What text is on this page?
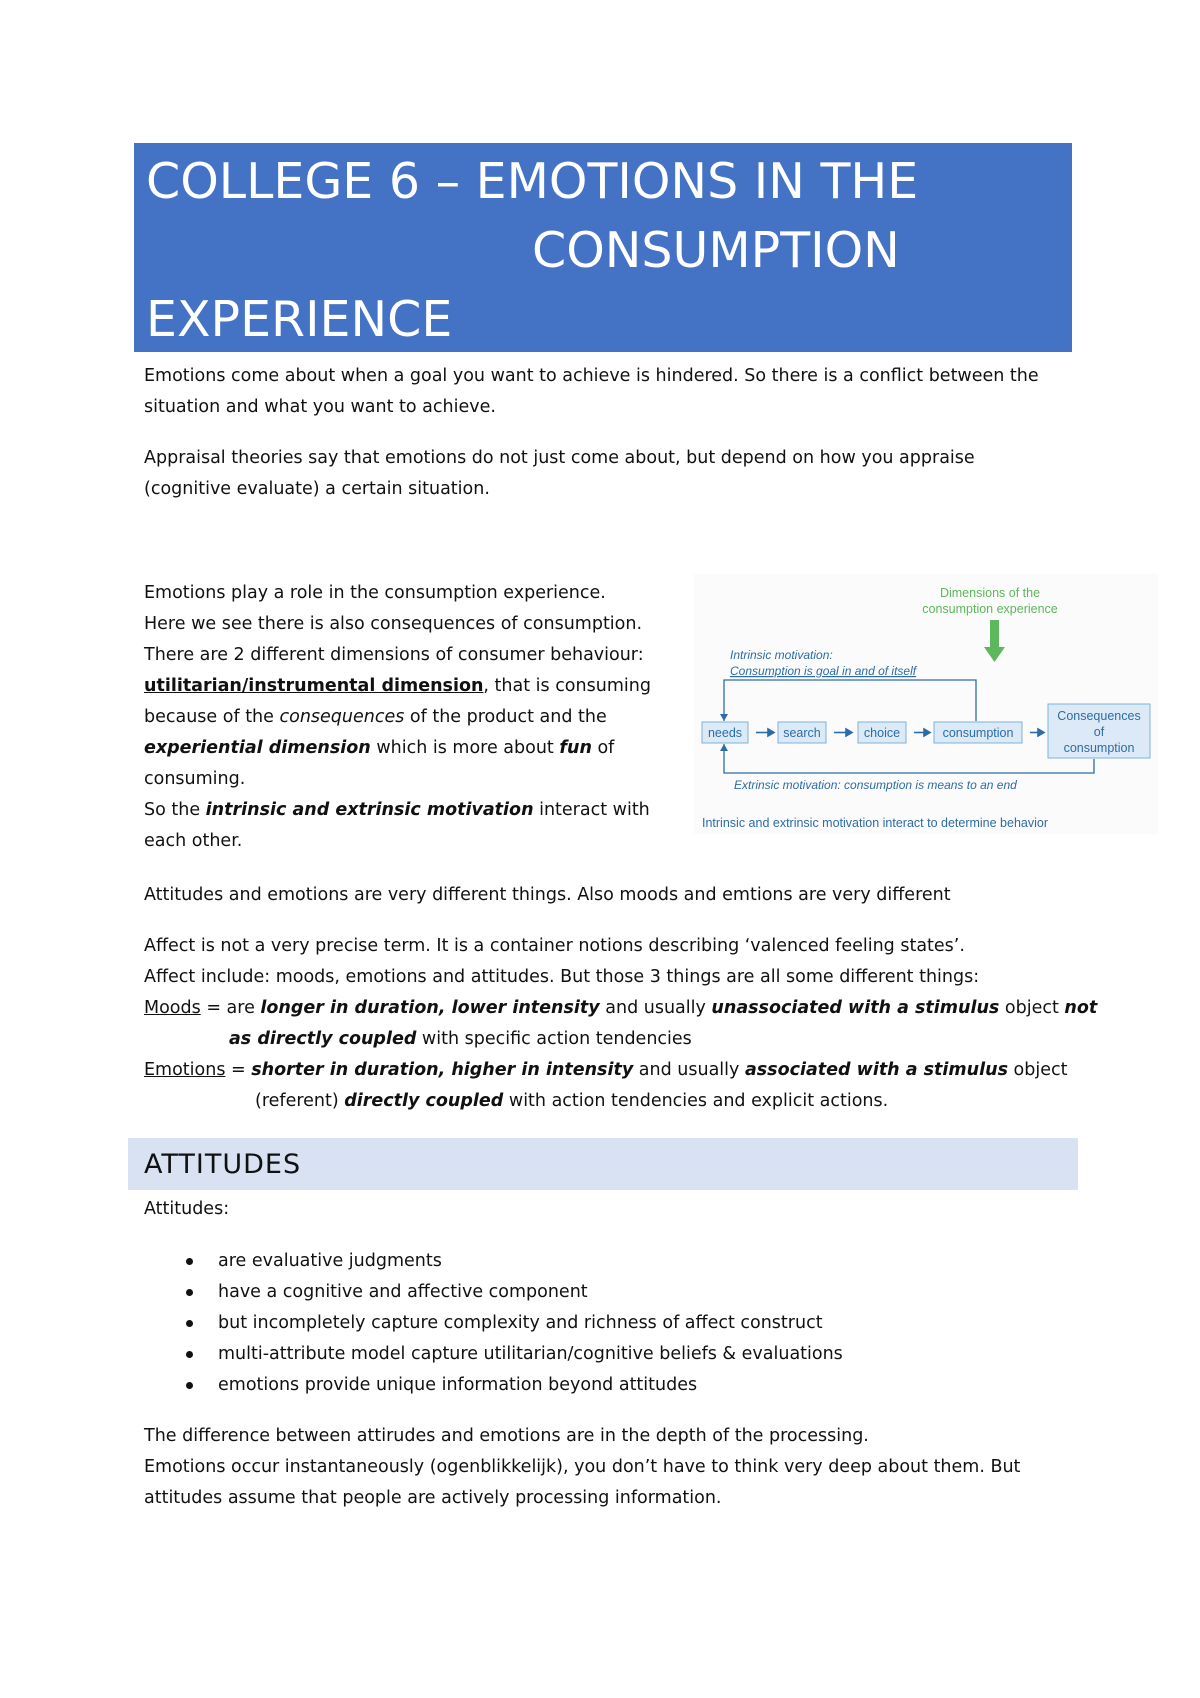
COLLEGE 6 – EMOTIONS IN THE
CONSUMPTION
EXPERIENCE
Emotions come about when a goal you want to achieve is hindered. So there is a conflict between the
situation and what you want to achieve.
Appraisal theories say that emotions do not just come about, but depend on how you appraise
(cognitive evaluate) a certain situation.
Emotions play a role in the consumption experience.
Here we see there is also consequences of consumption.
There are 2 different dimensions of consumer behaviour:
utilitarian/instrumental dimension, that is consuming
because of the consequences of the product and the
experiential dimension which is more about fun of
consuming.
So the intrinsic and extrinsic motivation interact with
each other.
Dimensions of the
consumption experience
Intrinsic motivation:
Consumption is goal in and of itself
needs	search	choice	consumption
Consequences
of
consumption
Extrinsic motivation: consumption is means to an end
Intrinsic and extrinsic motivation interact to determine behavior
Attitudes and emotions are very different things. Also moods and emtions are very different
Affect is not a very precise term. It is a container notions describing ‘valenced feeling states’.
Affect include: moods, emotions and attitudes. But those 3 things are all some different things:
Moods = are longer in duration, lower intensity and usually unassociated with a stimulus object not
as directly coupled with specific action tendencies
Emotions = shorter in duration, higher in intensity and usually associated with a stimulus object
(referent) directly coupled with action tendencies and explicit actions.
ATTITUDES
Attitudes:
are evaluative judgments
have a cognitive and affective component
but incompletely capture complexity and richness of affect construct
multi-attribute model capture utilitarian/cognitive beliefs & evaluations
emotions provide unique information beyond attitudes
The difference between attirudes and emotions are in the depth of the processing.
Emotions occur instantaneously (ogenblikkelijk), you don’t have to think very deep about them. But
attitudes assume that people are actively processing information.
